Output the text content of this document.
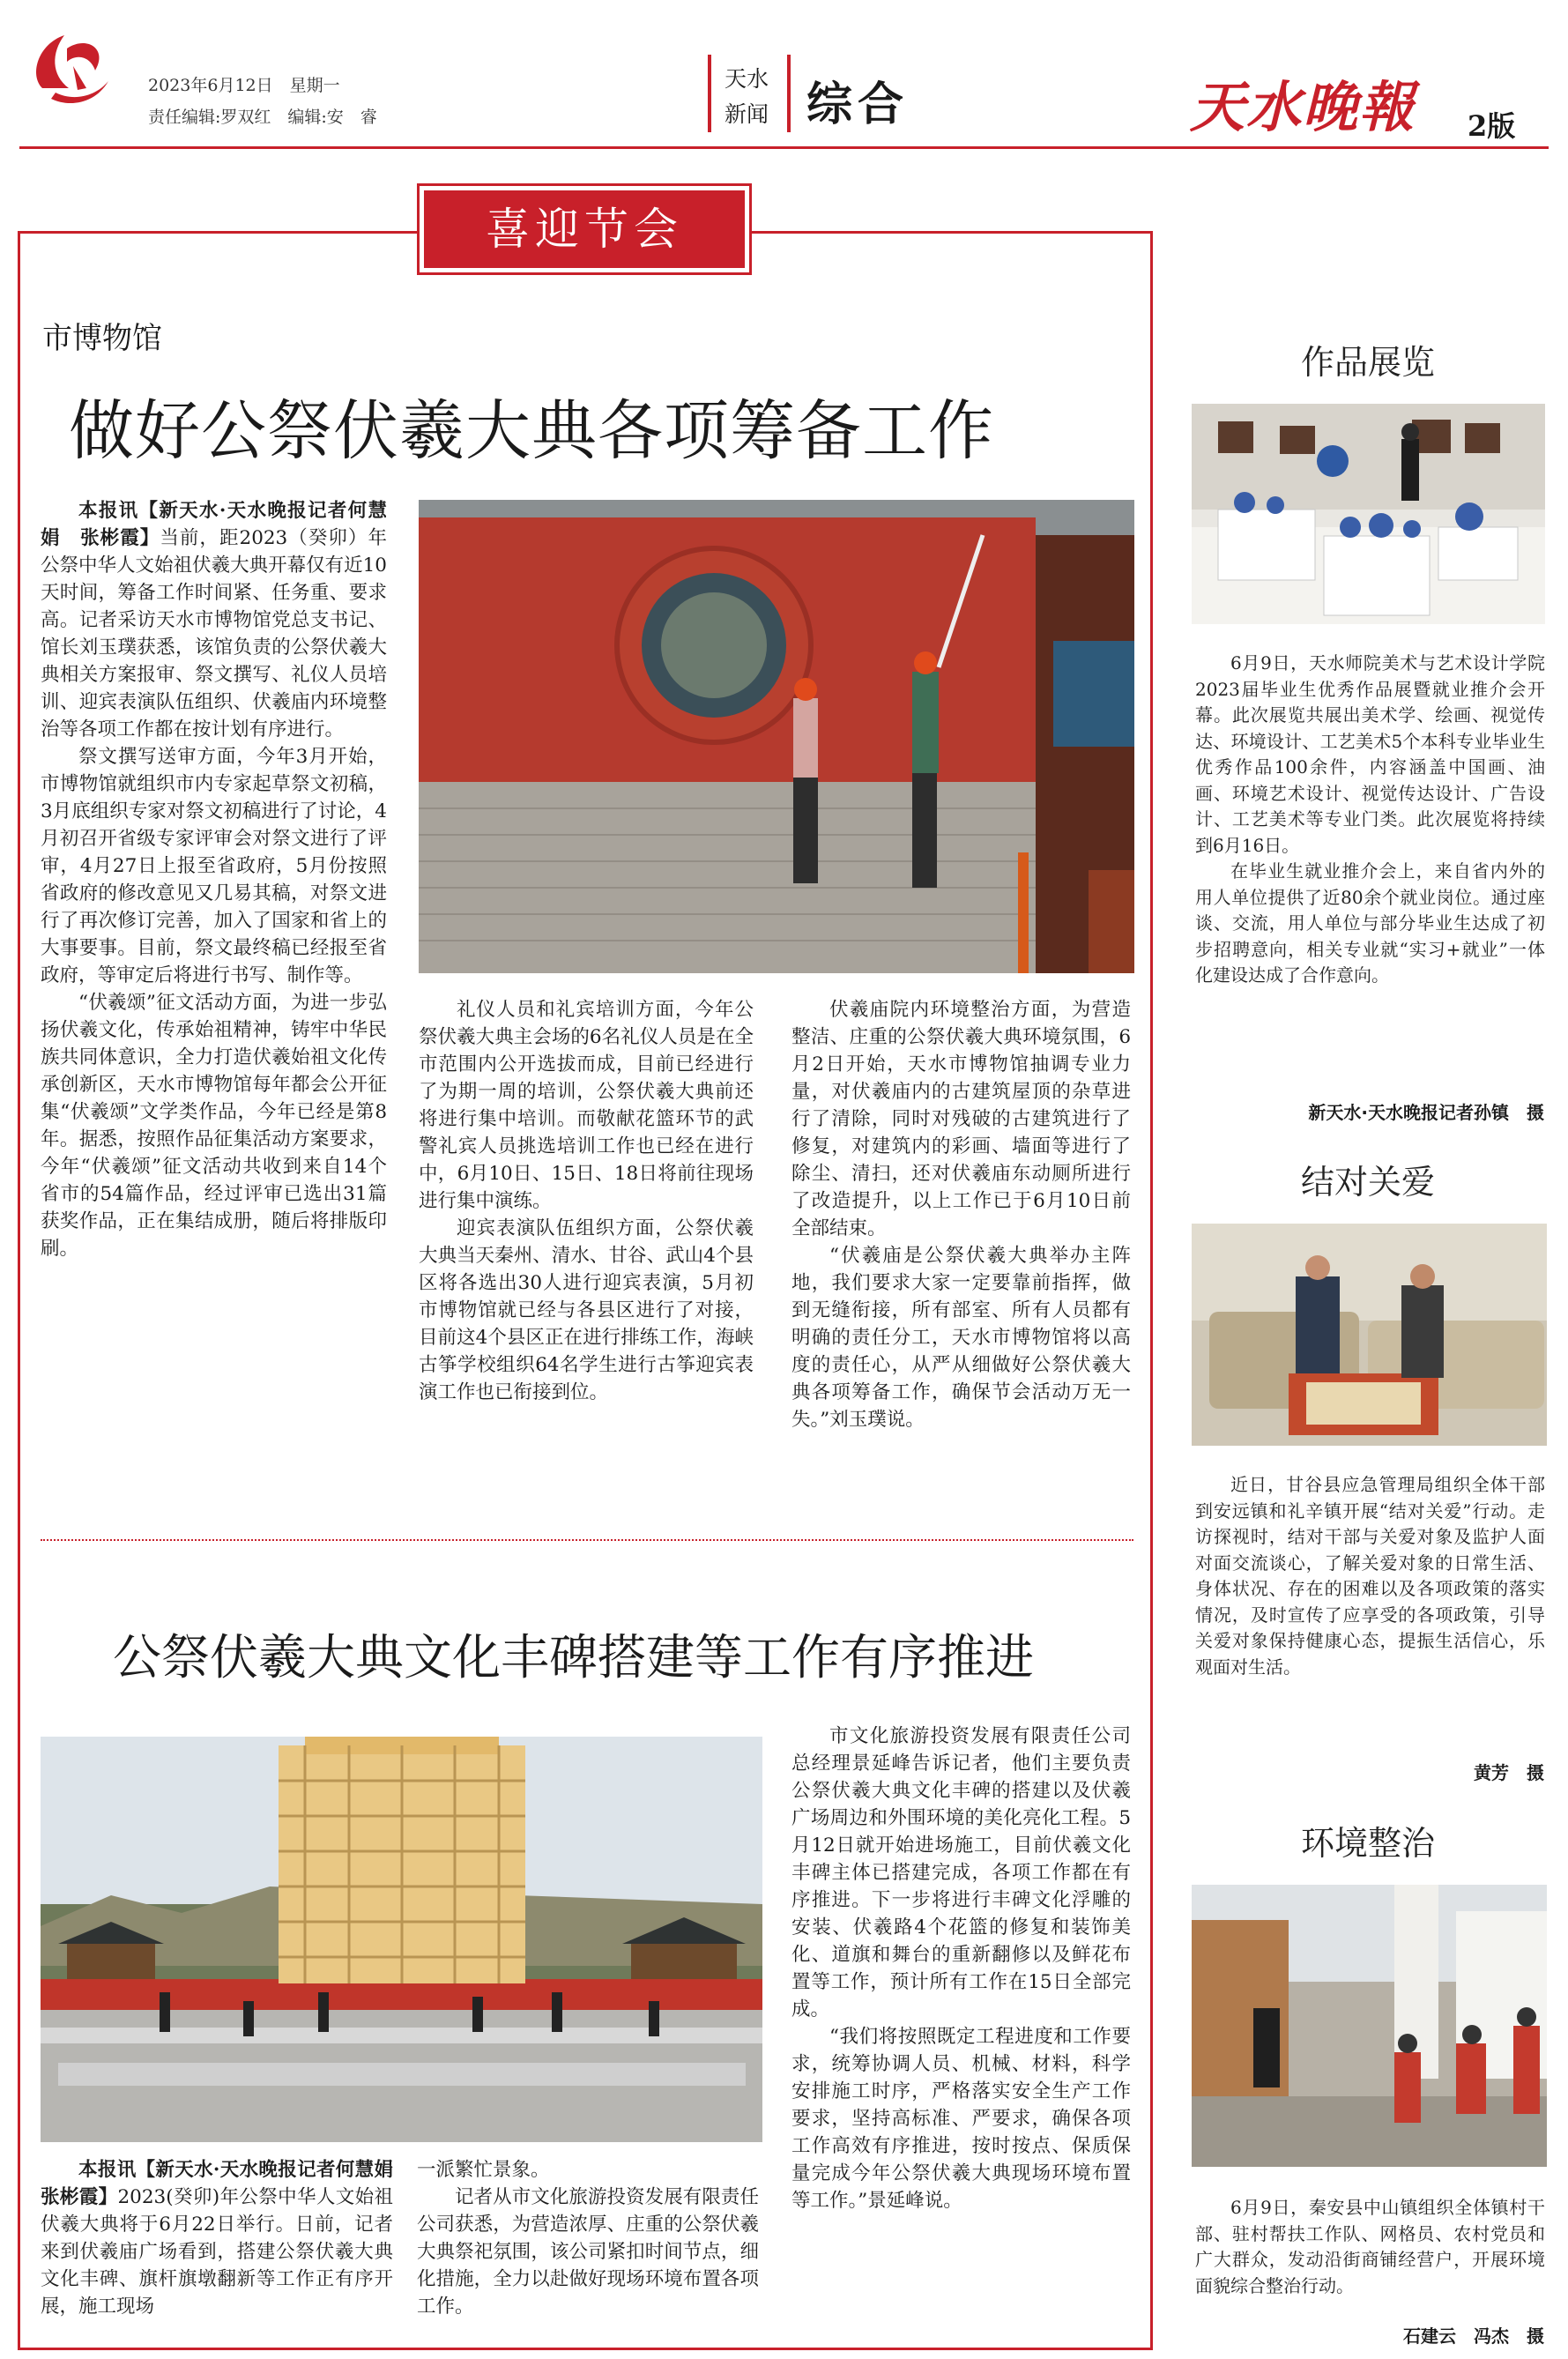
2023年6月12日　星期一
责任编辑:罗双红　编辑:安　睿
天水
新闻 综合	天水晚報 2版
喜迎节会
市博物馆
做好公祭伏羲大典各项筹备工作

本报讯【新天水·天水晚报记者何慧娟　张彬霞】当前，距2023（癸卯）年公祭中华人文始祖伏羲大典开幕仅有近10天时间，筹备工作时间紧、任务重、要求高。记者采访天水市博物馆党总支书记、馆长刘玉璞获悉，该馆负责的公祭伏羲大典相关方案报审、祭文撰写、礼仪人员培训、迎宾表演队伍组织、伏羲庙内环境整治等各项工作都在按计划有序进行。

祭文撰写送审方面，今年3月开始，市博物馆就组织市内专家起草祭文初稿，3月底组织专家对祭文初稿进行了讨论，4月初召开省级专家评审会对祭文进行了评审，4月27日上报至省政府，5月份按照省政府的修改意见又几易其稿，对祭文进行了再次修订完善，加入了国家和省上的大事要事。目前，祭文最终稿已经报至省政府，等审定后将进行书写、制作等。

“伏羲颂”征文活动方面，为进一步弘扬伏羲文化，传承始祖精神，铸牢中华民族共同体意识，全力打造伏羲始祖文化传承创新区，天水市博物馆每年都会公开征集“伏羲颂”文学类作品，今年已经是第8年。据悉，按照作品征集活动方案要求，今年“伏羲颂”征文活动共收到来自14个省市的54篇作品，经过评审已选出31篇获奖作品，正在集结成册，随后将排版印刷。

礼仪人员和礼宾培训方面，今年公祭伏羲大典主会场的6名礼仪人员是在全市范围内公开选拔而成，目前已经进行了为期一周的培训，公祭伏羲大典前还将进行集中培训。而敬献花篮环节的武警礼宾人员挑选培训工作也已经在进行中，6月10日、15日、18日将前往现场进行集中演练。

迎宾表演队伍组织方面，公祭伏羲大典当天秦州、清水、甘谷、武山4个县区将各选出30人进行迎宾表演，5月初市博物馆就已经与各县区进行了对接，目前这4个县区正在进行排练工作，海峡古筝学校组织64名学生进行古筝迎宾表演工作也已衔接到位。

伏羲庙院内环境整治方面，为营造整洁、庄重的公祭伏羲大典环境氛围，6月2日开始，天水市博物馆抽调专业力量，对伏羲庙内的古建筑屋顶的杂草进行了清除，同时对残破的古建筑进行了修复，对建筑内的彩画、墙面等进行了除尘、清扫，还对伏羲庙东动厕所进行了改造提升，以上工作已于6月10日前全部结束。

“伏羲庙是公祭伏羲大典举办主阵地，我们要求大家一定要靠前指挥，做到无缝衔接，所有部室、所有人员都有明确的责任分工，天水市博物馆将以高度的责任心，从严从细做好公祭伏羲大典各项筹备工作，确保节会活动万无一失。”刘玉璞说。

公祭伏羲大典文化丰碑搭建等工作有序推进

本报讯【新天水·天水晚报记者何慧娟　张彬霞】2023(癸卯)年公祭中华人文始祖伏羲大典将于6月22日举行。日前，记者来到伏羲庙广场看到，搭建公祭伏羲大典文化丰碑、旗杆旗墩翻新等工作正有序开展，施工现场

一派繁忙景象。

记者从市文化旅游投资发展有限责任公司获悉，为营造浓厚、庄重的公祭伏羲大典祭祀氛围，该公司紧扣时间节点，细化措施，全力以赴做好现场环境布置各项工作。

市文化旅游投资发展有限责任公司总经理景延峰告诉记者，他们主要负责公祭伏羲大典文化丰碑的搭建以及伏羲广场周边和外围环境的美化亮化工程。5月12日就开始进场施工，目前伏羲文化丰碑主体已搭建完成，各项工作都在有序推进。下一步将进行丰碑文化浮雕的安装、伏羲路4个花篮的修复和装饰美化、道旗和舞台的重新翻修以及鲜花布置等工作，预计所有工作在15日全部完成。

“我们将按照既定工程进度和工作要求，统筹协调人员、机械、材料，科学安排施工时序，严格落实安全生产工作要求，坚持高标准、严要求，确保各项工作高效有序推进，按时按点、保质保量完成今年公祭伏羲大典现场环境布置等工作。”景延峰说。

作品展览

6月9日，天水师院美术与艺术设计学院2023届毕业生优秀作品展暨就业推介会开幕。此次展览共展出美术学、绘画、视觉传达、环境设计、工艺美术5个本科专业毕业生优秀作品100余件，内容涵盖中国画、油画、环境艺术设计、视觉传达设计、广告设计、工艺美术等专业门类。此次展览将持续到6月16日。

在毕业生就业推介会上，来自省内外的用人单位提供了近80余个就业岗位。通过座谈、交流，用人单位与部分毕业生达成了初步招聘意向，相关专业就“实习+就业”一体化建设达成了合作意向。

新天水·天水晚报记者孙镇　摄
结对关爱

近日，甘谷县应急管理局组织全体干部到安远镇和礼辛镇开展“结对关爱”行动。走访探视时，结对干部与关爱对象及监护人面对面交流谈心，了解关爱对象的日常生活、身体状况、存在的困难以及各项政策的落实情况，及时宣传了应享受的各项政策，引导关爱对象保持健康心态，提振生活信心，乐观面对生活。

黄芳　摄
环境整治

6月9日，秦安县中山镇组织全体镇村干部、驻村帮扶工作队、网格员、农村党员和广大群众，发动沿街商铺经营户，开展环境面貌综合整治行动。

石建云　冯杰　摄
